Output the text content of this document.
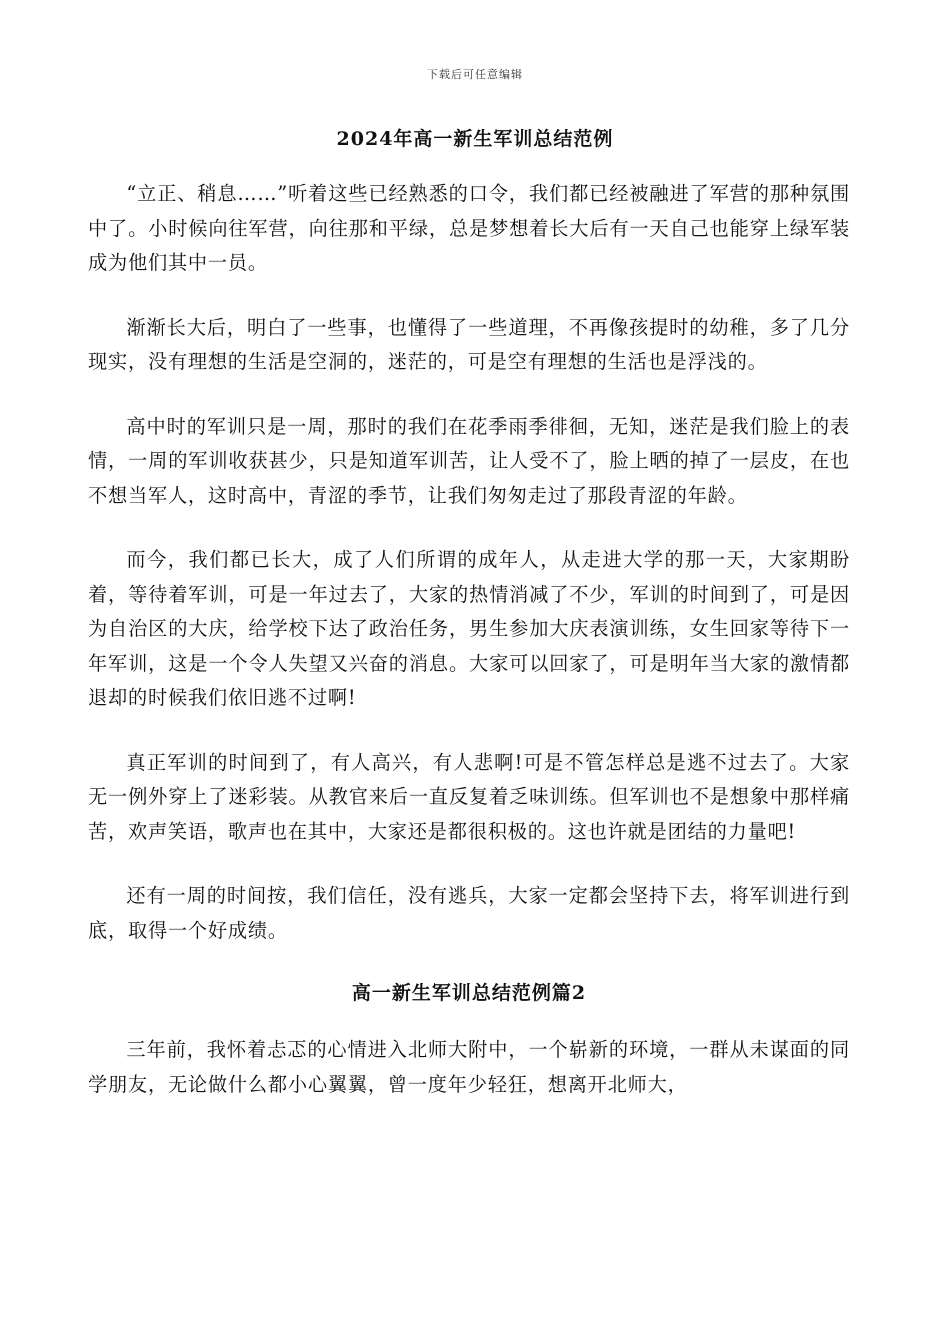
下载后可任意编辑
2024年高一新生军训总结范例

“立正、稍息……”听着这些已经熟悉的口令，我们都已经被融进了军营的那种氛围中了。小时候向往军营，向往那和平绿，总是梦想着长大后有一天自己也能穿上绿军装成为他们其中一员。

渐渐长大后，明白了一些事，也懂得了一些道理，不再像孩提时的幼稚，多了几分现实，没有理想的生活是空洞的，迷茫的，可是空有理想的生活也是浮浅的。

高中时的军训只是一周，那时的我们在花季雨季徘徊，无知，迷茫是我们脸上的表情，一周的军训收获甚少，只是知道军训苦，让人受不了，脸上晒的掉了一层皮，在也不想当军人，这时高中，青涩的季节，让我们匆匆走过了那段青涩的年龄。

而今，我们都已长大，成了人们所谓的成年人，从走进大学的那一天，大家期盼着，等待着军训，可是一年过去了，大家的热情消减了不少，军训的时间到了，可是因为自治区的大庆，给学校下达了政治任务，男生参加大庆表演训练，女生回家等待下一年军训，这是一个令人失望又兴奋的消息。大家可以回家了，可是明年当大家的激情都退却的时候我们依旧逃不过啊!

真正军训的时间到了，有人高兴，有人悲啊!可是不管怎样总是逃不过去了。大家无一例外穿上了迷彩装。从教官来后一直反复着乏味训练。但军训也不是想象中那样痛苦，欢声笑语，歌声也在其中，大家还是都很积极的。这也许就是团结的力量吧!

还有一周的时间按，我们信任，没有逃兵，大家一定都会坚持下去，将军训进行到底，取得一个好成绩。

高一新生军训总结范例篇2

三年前，我怀着忐忑的心情进入北师大附中，一个崭新的环境，一群从未谋面的同学朋友，无论做什么都小心翼翼，曾一度年少轻狂，想离开北师大，
